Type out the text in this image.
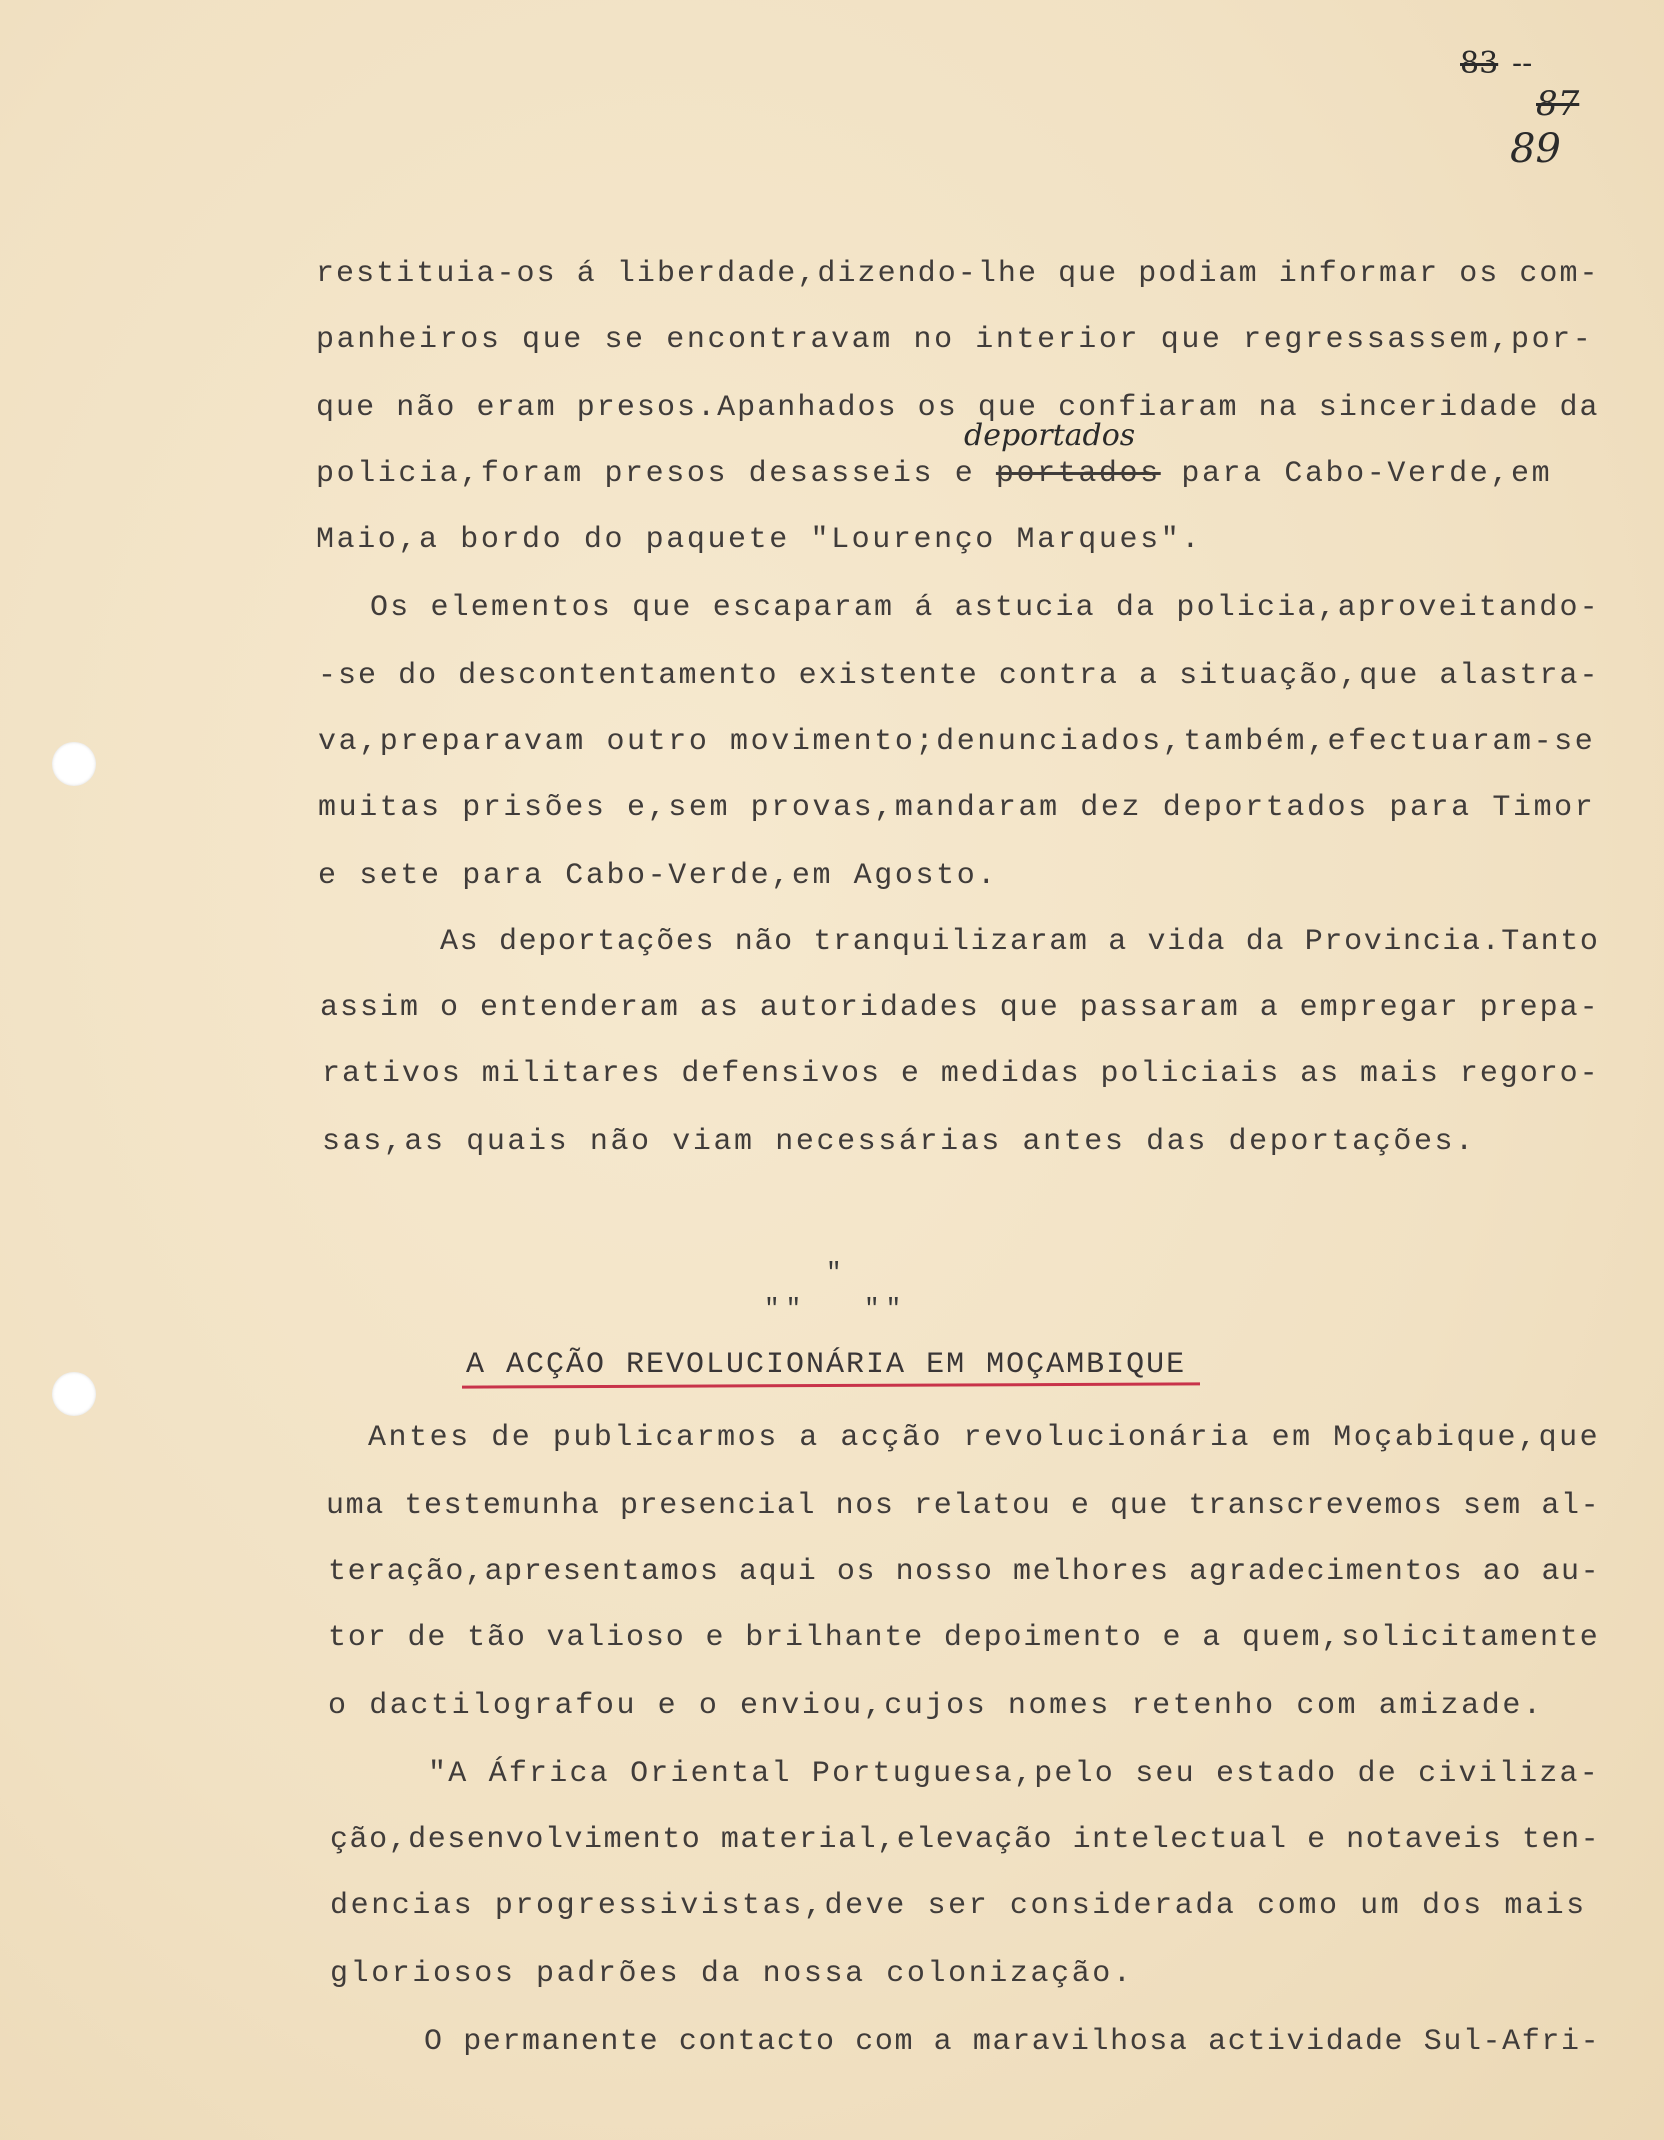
83 --
87
89
restituia-os á liberdade,dizendo-lhe que podiam informar os com-
panheiros que se encontravam no interior que regressassem,por-
que não eram presos.Apanhados os que confiaram na sinceridade da
deportados
policia,foram presos desasseis e portados para Cabo-Verde,em
Maio,a bordo do paquete "Lourenço Marques".
Os elementos que escaparam á astucia da policia,aproveitando-
-se do descontentamento existente contra a situação,que alastra-
va,preparavam outro movimento;denunciados,também,efectuaram-se
muitas prisões e,sem provas,mandaram dez deportados para Timor
e sete para Cabo-Verde,em Agosto.
As deportações não tranquilizaram a vida da Provincia.Tanto
assim o entenderam as autoridades que passaram a empregar prepa-
rativos militares defensivos e medidas policiais as mais regoro-
sas,as quais não viam necessárias antes das deportações.
"
"" ""
A ACÇÃO REVOLUCIONÁRIA EM MOÇAMBIQUE
Antes de publicarmos a acção revolucionária em Moçabique,que
uma testemunha presencial nos relatou e que transcrevemos sem al-
teração,apresentamos aqui os nosso melhores agradecimentos ao au-
tor de tão valioso e brilhante depoimento e a quem,solicitamente
o dactilografou e o enviou,cujos nomes retenho com amizade.
"A África Oriental Portuguesa,pelo seu estado de civiliza-
ção,desenvolvimento material,elevação intelectual e notaveis ten-
dencias progressivistas,deve ser considerada como um dos mais
gloriosos padrões da nossa colonização.
O permanente contacto com a maravilhosa actividade Sul-Afri-
